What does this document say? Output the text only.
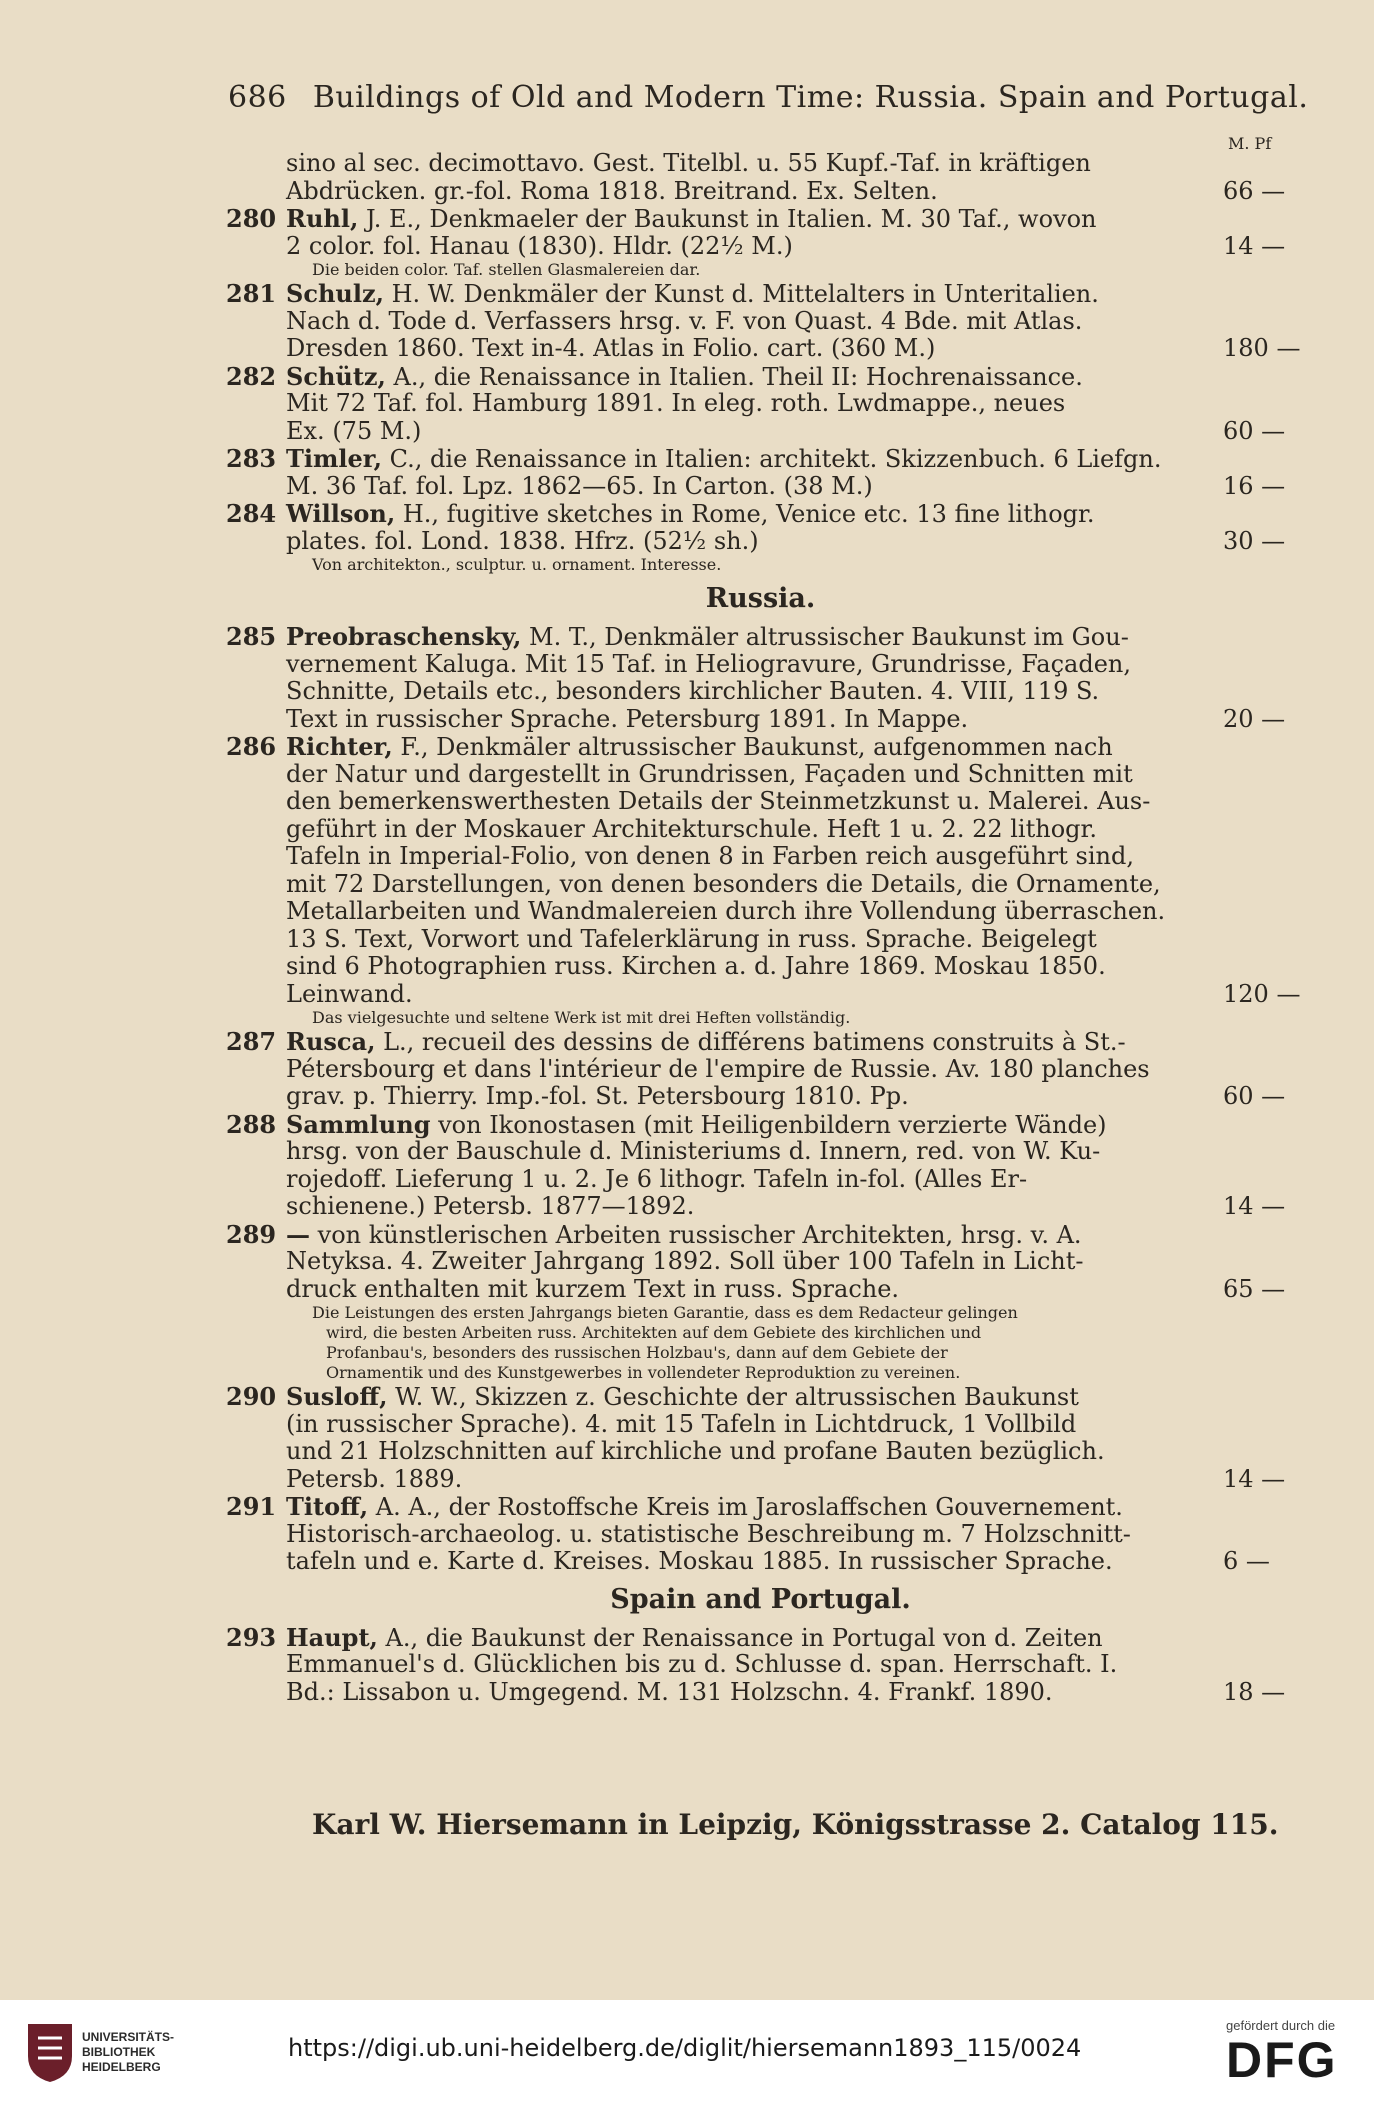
686 Buildings of Old and Modern Time: Russia. Spain and Portugal.
M. Pf
sino al sec. decimottavo. Gest. Titelbl. u. 55 Kupf.-Taf. in kräftigen
Abdrücken. gr.-fol. Roma 1818. Breitrand. Ex. Selten.	66 —
280 Ruhl, J. E., Denkmaeler der Baukunst in Italien. M. 30 Taf., wovon
2 color. fol. Hanau (1830). Hldr. (22½ M.)	14 —
Die beiden color. Taf. stellen Glasmalereien dar.
281 Schulz, H. W. Denkmäler der Kunst d. Mittelalters in Unteritalien.
Nach d. Tode d. Verfassers hrsg. v. F. von Quast. 4 Bde. mit Atlas.
Dresden 1860. Text in-4. Atlas in Folio. cart. (360 M.)	180 —
282 Schütz, A., die Renaissance in Italien. Theil II: Hochrenaissance.
Mit 72 Taf. fol. Hamburg 1891. In eleg. roth. Lwdmappe., neues
Ex. (75 M.)	60 —
283 Timler, C., die Renaissance in Italien: architekt. Skizzenbuch. 6 Liefgn.
M. 36 Taf. fol. Lpz. 1862—65. In Carton. (38 M.)	16 —
284 Willson, H., fugitive sketches in Rome, Venice etc. 13 fine lithogr.
plates. fol. Lond. 1838. Hfrz. (52½ sh.)	30 —
Von architekton., sculptur. u. ornament. Interesse.
Russia.
285 Preobraschensky, M. T., Denkmäler altrussischer Baukunst im Gou-
vernement Kaluga. Mit 15 Taf. in Heliogravure, Grundrisse, Façaden,
Schnitte, Details etc., besonders kirchlicher Bauten. 4. VIII, 119 S.
Text in russischer Sprache. Petersburg 1891. In Mappe.	20 —
286 Richter, F., Denkmäler altrussischer Baukunst, aufgenommen nach
der Natur und dargestellt in Grundrissen, Façaden und Schnitten mit
den bemerkenswerthesten Details der Steinmetzkunst u. Malerei. Aus-
geführt in der Moskauer Architekturschule. Heft 1 u. 2. 22 lithogr.
Tafeln in Imperial-Folio, von denen 8 in Farben reich ausgeführt sind,
mit 72 Darstellungen, von denen besonders die Details, die Ornamente,
Metallarbeiten und Wandmalereien durch ihre Vollendung überraschen.
13 S. Text, Vorwort und Tafelerklärung in russ. Sprache. Beigelegt
sind 6 Photographien russ. Kirchen a. d. Jahre 1869. Moskau 1850.
Leinwand.	120 —
Das vielgesuchte und seltene Werk ist mit drei Heften vollständig.
287 Rusca, L., recueil des dessins de différens batimens construits à St.-
Pétersbourg et dans l'intérieur de l'empire de Russie. Av. 180 planches
grav. p. Thierry. Imp.-fol. St. Petersbourg 1810. Pp.	60 —
288 Sammlung von Ikonostasen (mit Heiligenbildern verzierte Wände)
hrsg. von der Bauschule d. Ministeriums d. Innern, red. von W. Ku-
rojedoff. Lieferung 1 u. 2. Je 6 lithogr. Tafeln in-fol. (Alles Er-
schienene.) Petersb. 1877—1892.	14 —
289 — von künstlerischen Arbeiten russischer Architekten, hrsg. v. A.
Netyksa. 4. Zweiter Jahrgang 1892. Soll über 100 Tafeln in Licht-
druck enthalten mit kurzem Text in russ. Sprache.	65 —
Die Leistungen des ersten Jahrgangs bieten Garantie, dass es dem Redacteur gelingen
wird, die besten Arbeiten russ. Architekten auf dem Gebiete des kirchlichen und
Profanbau's, besonders des russischen Holzbau's, dann auf dem Gebiete der
Ornamentik und des Kunstgewerbes in vollendeter Reproduktion zu vereinen.
290 Susloff, W. W., Skizzen z. Geschichte der altrussischen Baukunst
(in russischer Sprache). 4. mit 15 Tafeln in Lichtdruck, 1 Vollbild
und 21 Holzschnitten auf kirchliche und profane Bauten bezüglich.
Petersb. 1889.	14 —
291 Titoff, A. A., der Rostoffsche Kreis im Jaroslaffschen Gouvernement.
Historisch-archaeolog. u. statistische Beschreibung m. 7 Holzschnitt-
tafeln und e. Karte d. Kreises. Moskau 1885. In russischer Sprache.	6 —
Spain and Portugal.
293 Haupt, A., die Baukunst der Renaissance in Portugal von d. Zeiten
Emmanuel's d. Glücklichen bis zu d. Schlusse d. span. Herrschaft. I.
Bd.: Lissabon u. Umgegend. M. 131 Holzschn. 4. Frankf. 1890.	18 —
Karl W. Hiersemann in Leipzig, Königsstrasse 2. Catalog 115.
UNIVERSITÄTS-
BIBLIOTHEK
HEIDELBERG
https://digi.ub.uni-heidelberg.de/diglit/hiersemann1893_115/0024
gefördert durch die
DFG
